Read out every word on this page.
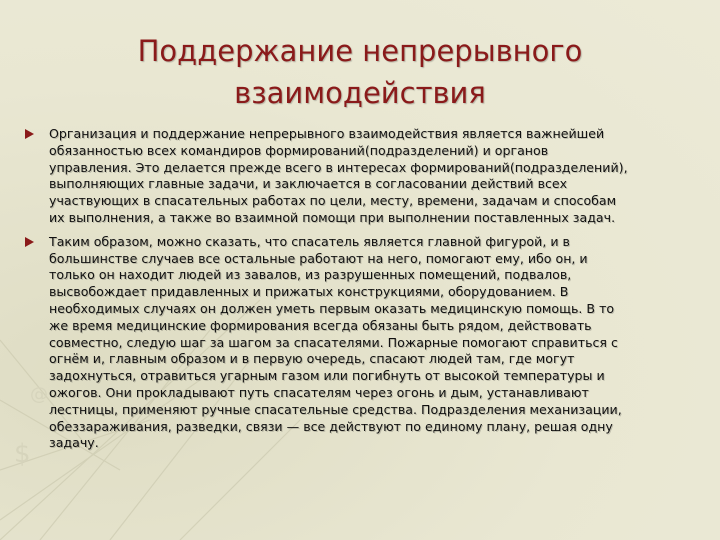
$
@
Поддержание непрерывного
взаимодействия
Организация и поддержание непрерывного взаимодействия является важнейшей
обязанностью всех командиров формирований(подразделений) и органов
управления. Это делается прежде всего в интересах формирований(подразделений),
выполняющих главные задачи, и заключается в согласовании действий всех
участвующих в спасательных работах по цели, месту, времени, задачам и способам
их выполнения, а также во взаимной помощи при выполнении поставленных задач.
Таким образом, можно сказать, что спасатель является главной фигурой, и в
большинстве случаев все остальные работают на него, помогают ему, ибо он, и
только он находит людей из завалов, из разрушенных помещений, подвалов,
высвобождает придавленных и прижатых конструкциями, оборудованием. В
необходимых случаях он должен уметь первым оказать медицинскую помощь. В то
же время медицинские формирования всегда обязаны быть рядом, действовать
совместно, следую шаг за шагом за спасателями. Пожарные помогают справиться с
огнём и, главным образом и в первую очередь, спасают людей там, где могут
задохнуться, отравиться угарным газом или погибнуть от высокой температуры и
ожогов. Они прокладывают путь спасателям через огонь и дым, устанавливают
лестницы, применяют ручные спасательные средства. Подразделения механизации,
обеззараживания, разведки, связи — все действуют по единому плану, решая одну
задачу.
